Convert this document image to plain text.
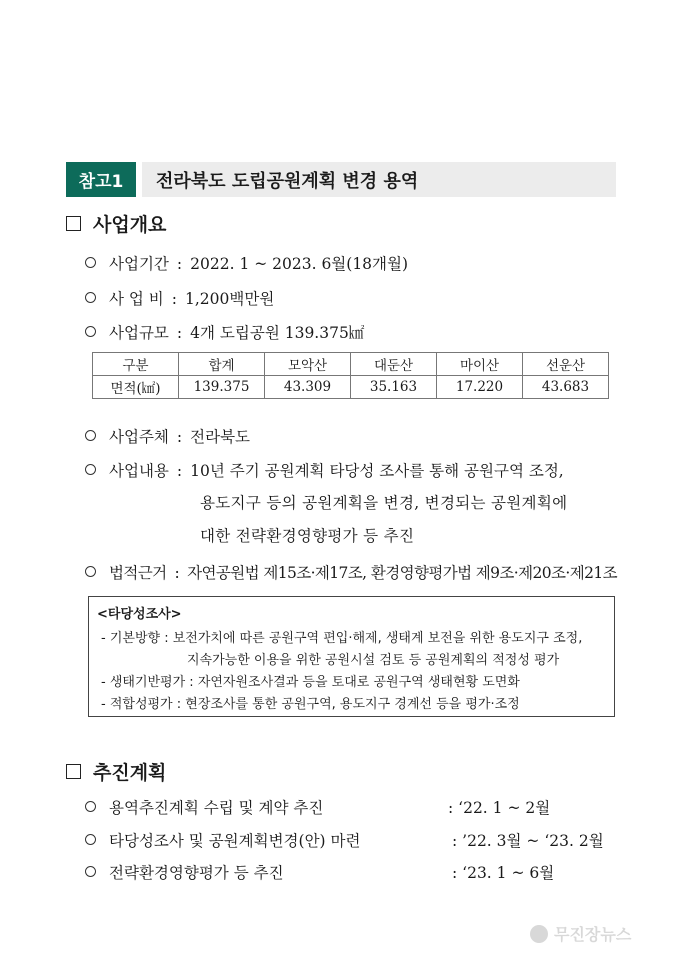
참고1	전라북도 도립공원계획 변경 용역
사업개요
사업기간 : 2022. 1 ~ 2023. 6월(18개월)
사 업 비 : 1,200백만원
사업규모 : 4개 도립공원 139.375㎢
구분	합계	모악산	대둔산	마이산	선운산
면적(㎢)	139.375	43.309	35.163	17.220	43.683
사업주체 : 전라북도
사업내용 : 10년 주기 공원계획 타당성 조사를 통해 공원구역 조정,
용도지구 등의 공원계획을 변경, 변경되는 공원계획에
대한 전략환경영향평가 등 추진
법적근거 : 자연공원법 제15조·제17조, 환경영향평가법 제9조·제20조·제21조
<타당성조사>
- 기본방향 : 보전가치에 따른 공원구역 편입·해제, 생태계 보전을 위한 용도지구 조정,
지속가능한 이용을 위한 공원시설 검토 등 공원계획의 적정성 평가
- 생태기반평가 : 자연자원조사결과 등을 토대로 공원구역 생태현황 도면화
- 적합성평가 : 현장조사를 통한 공원구역, 용도지구 경계선 등을 평가·조정
추진계획
용역추진계획 수립 및 계약 추진	: ‘22. 1 ~ 2월
타당성조사 및 공원계획변경(안) 마련	: ’22. 3월 ~ ‘23. 2월
전략환경영향평가 등 추진	: ‘23. 1 ~ 6월
무진장뉴스
